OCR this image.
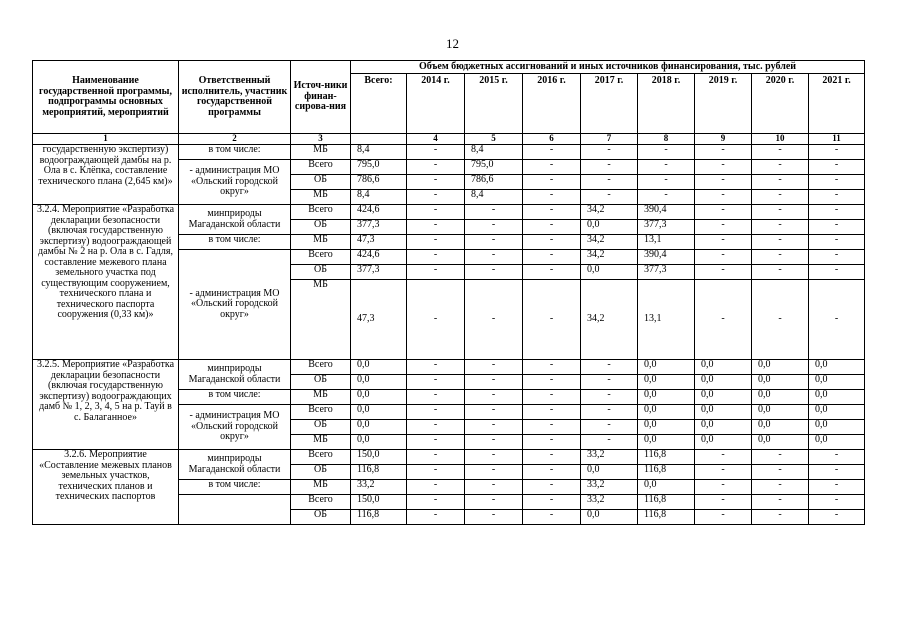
12
Наименование государственной программы, подпрограммы основных мероприятий, мероприятий	Ответственный исполнитель, участник государственной программы	Источ-ники финан-сирова-ния	Объем бюджетных ассигнований и иных источников финансирования, тыс. рублей								
			Всего:	2014 г.	2015 г.	2016 г.	2017 г.	2018 г.	2019 г.	2020 г.	2021 г.
1	2	3		4	5	6	7	8	9	10	11
государственную экспертизу) водоограждающей дамбы на р. Ола в с. Клёпка, составление технического плана (2,645 км)»	в том числе:	МБ	8,4	-	8,4	-	-	-	-	-	-
	- администрация МО «Ольский городской округ»	Всего	795,0	-	795,0	-	-	-	-	-	-
		ОБ	786,6	-	786,6	-	-	-	-	-	-
		МБ	8,4	-	8,4	-	-	-	-	-	-
3.2.4. Мероприятие «Разработка декларации безопасности (включая государственную экспертизу) водоограждающей дамбы № 2 на р. Ола в с. Гадля, составление межевого плана земельного участка под существующим сооружением, технического плана и технического паспорта сооружения (0,33 км)»	минприроды Магаданской области	Всего	424,6	-	-	-	34,2	390,4	-	-	-
		ОБ	377,3	-	-	-	0,0	377,3	-	-	-
	в том числе:	МБ	47,3	-	-	-	34,2	13,1	-	-	-
	- администрация МО «Ольский городской округ»	Всего	424,6	-	-	-	34,2	390,4	-	-	-
		ОБ	377,3	-	-	-	0,0	377,3	-	-	-
		МБ	47,3	-	-	-	34,2	13,1	-	-	-
3.2.5. Мероприятие «Разработка декларации безопасности (включая государственную экспертизу) водоограждающих дамб № 1, 2, 3, 4, 5 на р. Тауй в с. Балаганное»	минприроды Магаданской области	Всего	0,0	-	-	-	-	0,0	0,0	0,0	0,0
		ОБ	0,0	-	-	-	-	0,0	0,0	0,0	0,0
	в том числе:	МБ	0,0	-	-	-	-	0,0	0,0	0,0	0,0
	- администрация МО «Ольский городской округ»	Всего	0,0	-	-	-	-	0,0	0,0	0,0	0,0
		ОБ	0,0	-	-	-	-	0,0	0,0	0,0	0,0
		МБ	0,0	-	-	-	-	0,0	0,0	0,0	0,0
3.2.6. Мероприятие «Составление межевых планов земельных участков, технических планов и технических паспортов	минприроды Магаданской области	Всего	150,0	-	-	-	33,2	116,8	-	-	-
		ОБ	116,8	-	-	-	0,0	116,8	-	-	-
	в том числе:	МБ	33,2	-	-	-	33,2	0,0	-	-	-
		Всего	150,0	-	-	-	33,2	116,8	-	-	-
		ОБ	116,8	-	-	-	0,0	116,8	-	-	-
